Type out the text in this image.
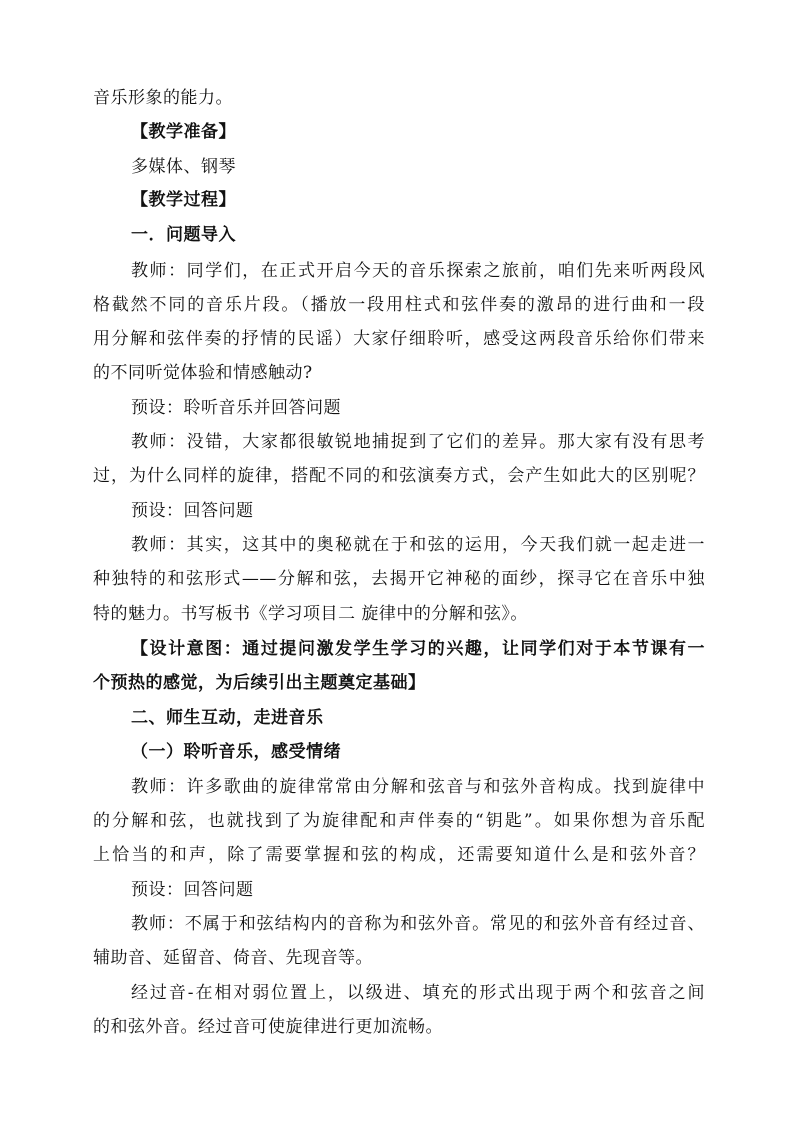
音乐形象的能力。
【教学准备】
多媒体、钢琴
【教学过程】
一．问题导入
教师：同学们，在正式开启今天的音乐探索之旅前，咱们先来听两段风
格截然不同的音乐片段。（播放一段用柱式和弦伴奏的激昂的进行曲和一段
用分解和弦伴奏的抒情的民谣）大家仔细聆听，感受这两段音乐给你们带来
的不同听觉体验和情感触动?
预设：聆听音乐并回答问题
教师：没错，大家都很敏锐地捕捉到了它们的差异。那大家有没有思考
过，为什么同样的旋律，搭配不同的和弦演奏方式，会产生如此大的区别呢？
预设：回答问题
教师：其实，这其中的奥秘就在于和弦的运用，今天我们就一起走进一
种独特的和弦形式——分解和弦，去揭开它神秘的面纱，探寻它在音乐中独
特的魅力。书写板书《学习项目二 旋律中的分解和弦》。
【设计意图：通过提问激发学生学习的兴趣，让同学们对于本节课有一
个预热的感觉，为后续引出主题奠定基础】
二、师生互动，走进音乐
（一）聆听音乐，感受情绪
教师：许多歌曲的旋律常常由分解和弦音与和弦外音构成。找到旋律中
的分解和弦，也就找到了为旋律配和声伴奏的“钥匙”。如果你想为音乐配
上恰当的和声，除了需要掌握和弦的构成，还需要知道什么是和弦外音？
预设：回答问题
教师：不属于和弦结构内的音称为和弦外音。常见的和弦外音有经过音、
辅助音、延留音、倚音、先现音等。
经过音-在相对弱位置上，以级进、填充的形式出现于两个和弦音之间
的和弦外音。经过音可使旋律进行更加流畅。
